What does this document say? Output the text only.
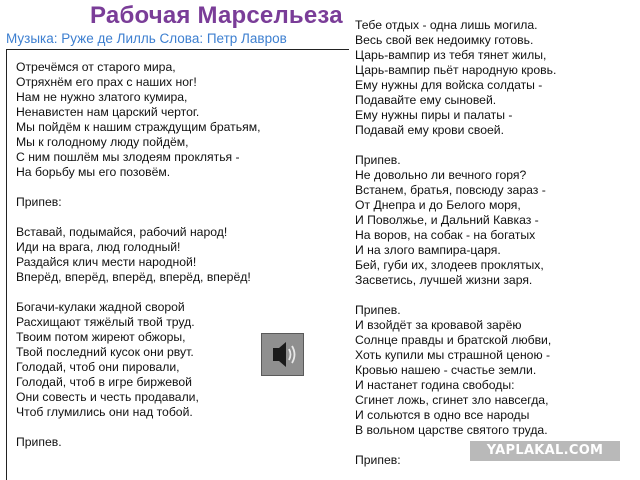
Рабочая Марсельеза
Музыка: Руже де Лилль Слова: Петр Лавров
Отречёмся от старого мира,
Отряхнём его прах с наших ног!
Нам не нужно златого кумира,
Ненавистен нам царский чертог.
Мы пойдём к нашим страждущим братьям,
Мы к голодному люду пойдём,
С ним пошлём мы злодеям проклятья -
На борьбу мы его позовём.
Припев:
Вставай, подымайся, рабочий народ!
Иди на врага, люд голодный!
Раздайся клич мести народной!
Вперёд, вперёд, вперёд, вперёд, вперёд!
Богачи-кулаки жадной сворой
Расхищают тяжёлый твой труд.
Твоим потом жиреют обжоры,
Твой последний кусок они рвут.
Голодай, чтоб они пировали,
Голодай, чтоб в игре биржевой
Они совесть и честь продавали,
Чтоб глумились они над тобой.
Припев.
Тебе отдых - одна лишь могила.
Весь свой век недоимку готовь.
Царь-вампир из тебя тянет жилы,
Царь-вампир пьёт народную кровь.
Ему нужны для войска солдаты -
Подавайте ему сыновей.
Ему нужны пиры и палаты -
Подавай ему крови своей.
Припев.
Не довольно ли вечного горя?
Встанем, братья, повсюду зараз -
От Днепра и до Белого моря,
И Поволжье, и Дальний Кавказ -
На воров, на собак - на богатых
И на злого вампира-царя.
Бей, губи их, злодеев проклятых,
Засветись, лучшей жизни заря.
Припев.
И взойдёт за кровавой зарёю
Солнце правды и братской любви,
Хоть купили мы страшной ценою -
Кровью нашею - счастье земли.
И настанет година свободы:
Сгинет ложь, сгинет зло навсегда,
И сольются в одно все народы
В вольном царстве святого труда.
Припев:
YAPLAKAL.COM
